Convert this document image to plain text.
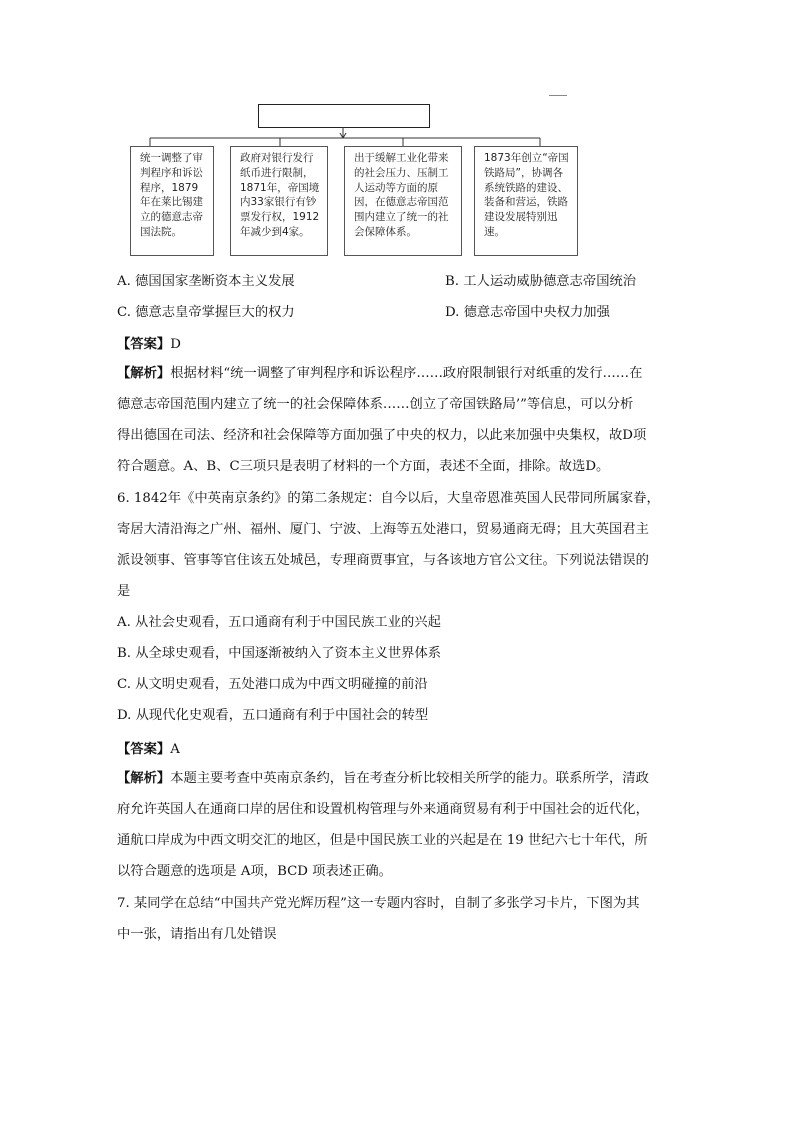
统一调整了审判程序和诉讼程序，1879年在莱比锡建立的德意志帝国法院。
政府对银行发行纸币进行限制，1871年，帝国境内33家银行有钞票发行权，1912年减少到4家。
出于缓解工业化带来的社会压力、压制工人运动等方面的原因，在德意志帝国范围内建立了统一的社会保障体系。
1873年创立“帝国铁路局”，协调各系统铁路的建设、装备和营运，铁路建设发展特别迅速。
A. 德国国家垄断资本主义发展	B. 工人运动威胁德意志帝国统治
C. 德意志皇帝掌握巨大的权力	D. 德意志帝国中央权力加强
【答案】D
【解析】根据材料“统一调整了审判程序和诉讼程序……政府限制银行对纸重的发行……在
德意志帝国范围内建立了统一的社会保障体系……创立了帝国铁路局’”等信息，可以分析
得出德国在司法、经济和社会保障等方面加强了中央的权力，以此来加强中央集权，故D项
符合题意。A、B、C三项只是表明了材料的一个方面，表述不全面，排除。故选D。
6. 1842年《中英南京条约》的第二条规定：自今以后，大皇帝恩准英国人民带同所属家眷，
寄居大清沿海之广州、福州、厦门、宁波、上海等五处港口，贸易通商无碍；且大英国君主
派设领事、管事等官住该五处城邑，专理商贾事宜，与各该地方官公文往。下列说法错误的
是
A. 从社会史观看，五口通商有利于中国民族工业的兴起
B. 从全球史观看，中国逐渐被纳入了资本主义世界体系
C. 从文明史观看，五处港口成为中西文明碰撞的前沿
D. 从现代化史观看，五口通商有利于中国社会的转型
【答案】A
【解析】本题主要考查中英南京条约，旨在考查分析比较相关所学的能力。联系所学，清政
府允许英国人在通商口岸的居住和设置机构管理与外来通商贸易有利于中国社会的近代化，
通航口岸成为中西文明交汇的地区，但是中国民族工业的兴起是在 19 世纪六七十年代，所
以符合题意的选项是 A项，BCD 项表述正确。
7. 某同学在总结“中国共产党光辉历程”这一专题内容时，自制了多张学习卡片，下图为其
中一张，请指出有几处错误
